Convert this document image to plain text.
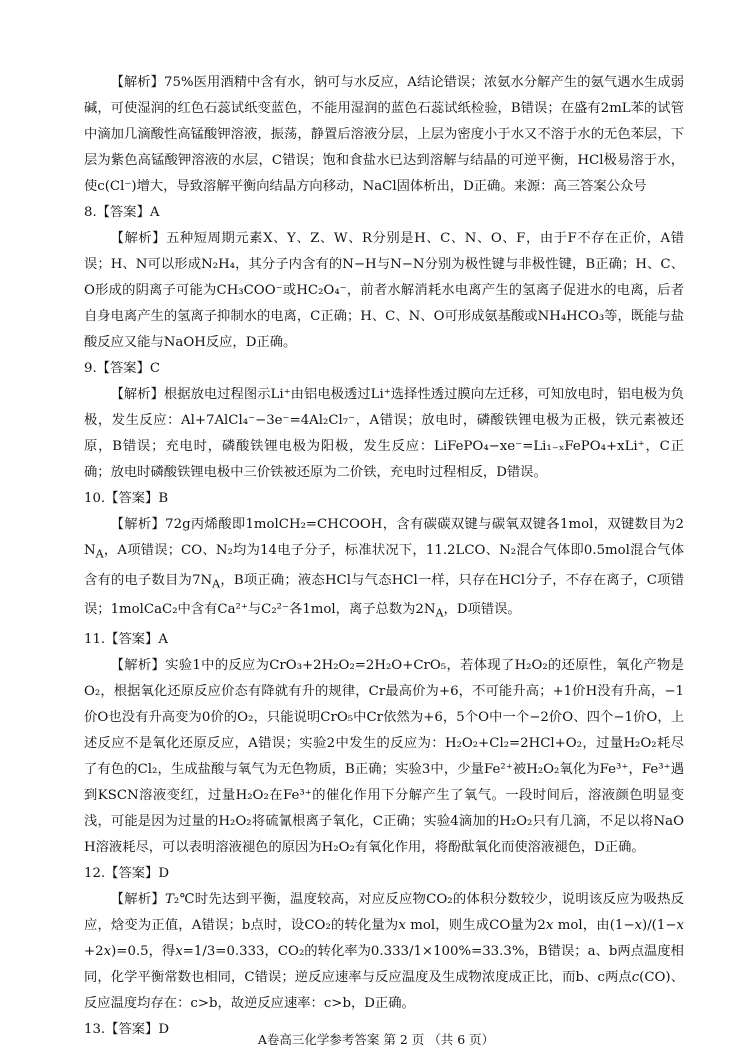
【解析】75%医用酒精中含有水，钠可与水反应，A结论错误；浓氨水分解产生的氨气遇水生成弱碱，可使湿润的红色石蕊试纸变蓝色，不能用湿润的蓝色石蕊试纸检验，B错误；在盛有2mL苯的试管中滴加几滴酸性高锰酸钾溶液，振荡，静置后溶液分层，上层为密度小于水又不溶于水的无色苯层，下层为紫色高锰酸钾溶液的水层，C错误；饱和食盐水已达到溶解与结晶的可逆平衡，HCl极易溶于水，使c(Cl⁻)增大，导致溶解平衡向结晶方向移动，NaCl固体析出，D正确。来源：高三答案公众号

8.【答案】A

【解析】五种短周期元素X、Y、Z、W、R分别是H、C、N、O、F，由于F不存在正价，A错误；H、N可以形成N₂H₄，其分子内含有的N−H与N−N分别为极性键与非极性键，B正确；H、C、O形成的阴离子可能为CH₃COO⁻或HC₂O₄⁻，前者水解消耗水电离产生的氢离子促进水的电离，后者自身电离产生的氢离子抑制水的电离，C正确；H、C、N、O可形成氨基酸或NH₄HCO₃等，既能与盐酸反应又能与NaOH反应，D正确。

9.【答案】C

【解析】根据放电过程图示Li⁺由铝电极透过Li⁺选择性透过膜向左迁移，可知放电时，铝电极为负极，发生反应：Al+7AlCl₄⁻−3e⁻=4Al₂Cl₇⁻，A错误；放电时，磷酸铁锂电极为正极，铁元素被还原，B错误；充电时，磷酸铁锂电极为阳极，发生反应：LiFePO₄−xe⁻=Li₁₋ₓFePO₄+xLi⁺，C正确；放电时磷酸铁锂电极中三价铁被还原为二价铁，充电时过程相反，D错误。

10.【答案】B

【解析】72g丙烯酸即1molCH₂=CHCOOH，含有碳碳双键与碳氧双键各1mol，双键数目为$2N_A$，A项错误；CO、N₂均为14电子分子，标准状况下，11.2LCO、N₂混合气体即0.5mol混合气体含有的电子数目为$7N_A$，B项正确；液态HCl与气态HCl一样，只存在HCl分子，不存在离子，C项错误；1molCaC₂中含有Ca²⁺与C₂²⁻各1mol，离子总数为$2N_A$，D项错误。

11.【答案】A

【解析】实验1中的反应为CrO₃+2H₂O₂=2H₂O+CrO₅，若体现了H₂O₂的还原性，氧化产物是O₂，根据氧化还原反应价态有降就有升的规律，Cr最高价为+6，不可能升高；+1价H没有升高，−1价O也没有升高变为0价的O₂，只能说明CrO₅中Cr依然为+6，5个O中一个−2价O、四个−1价O，上述反应不是氧化还原反应，A错误；实验2中发生的反应为：H₂O₂+Cl₂=2HCl+O₂，过量H₂O₂耗尽了有色的Cl₂，生成盐酸与氧气为无色物质，B正确；实验3中，少量Fe²⁺被H₂O₂氧化为Fe³⁺，Fe³⁺遇到KSCN溶液变红，过量H₂O₂在Fe³⁺的催化作用下分解产生了氧气。一段时间后，溶液颜色明显变浅，可能是因为过量的H₂O₂将硫氰根离子氧化，C正确；实验4滴加的H₂O₂只有几滴，不足以将NaOH溶液耗尽，可以表明溶液褪色的原因为H₂O₂有氧化作用，将酚酞氧化而使溶液褪色，D正确。

12.【答案】D

【解析】T₂℃时先达到平衡，温度较高，对应反应物CO₂的体积分数较少，说明该反应为吸热反应，焓变为正值，A错误；b点时，设CO₂的转化量为x mol，则生成CO量为2x mol，由(1−x)/(1−x+2x)=0.5，得x=1/3=0.333，CO₂的转化率为0.333/1×100%=33.3%，B错误；a、b两点温度相同，化学平衡常数也相同，C错误；逆反应速率与反应温度及生成物浓度成正比，而b、c两点c(CO)、反应温度均存在：c>b，故逆反应速率：c>b，D正确。

13.【答案】D

A卷高三化学参考答案 第 2 页 （共 6 页）
